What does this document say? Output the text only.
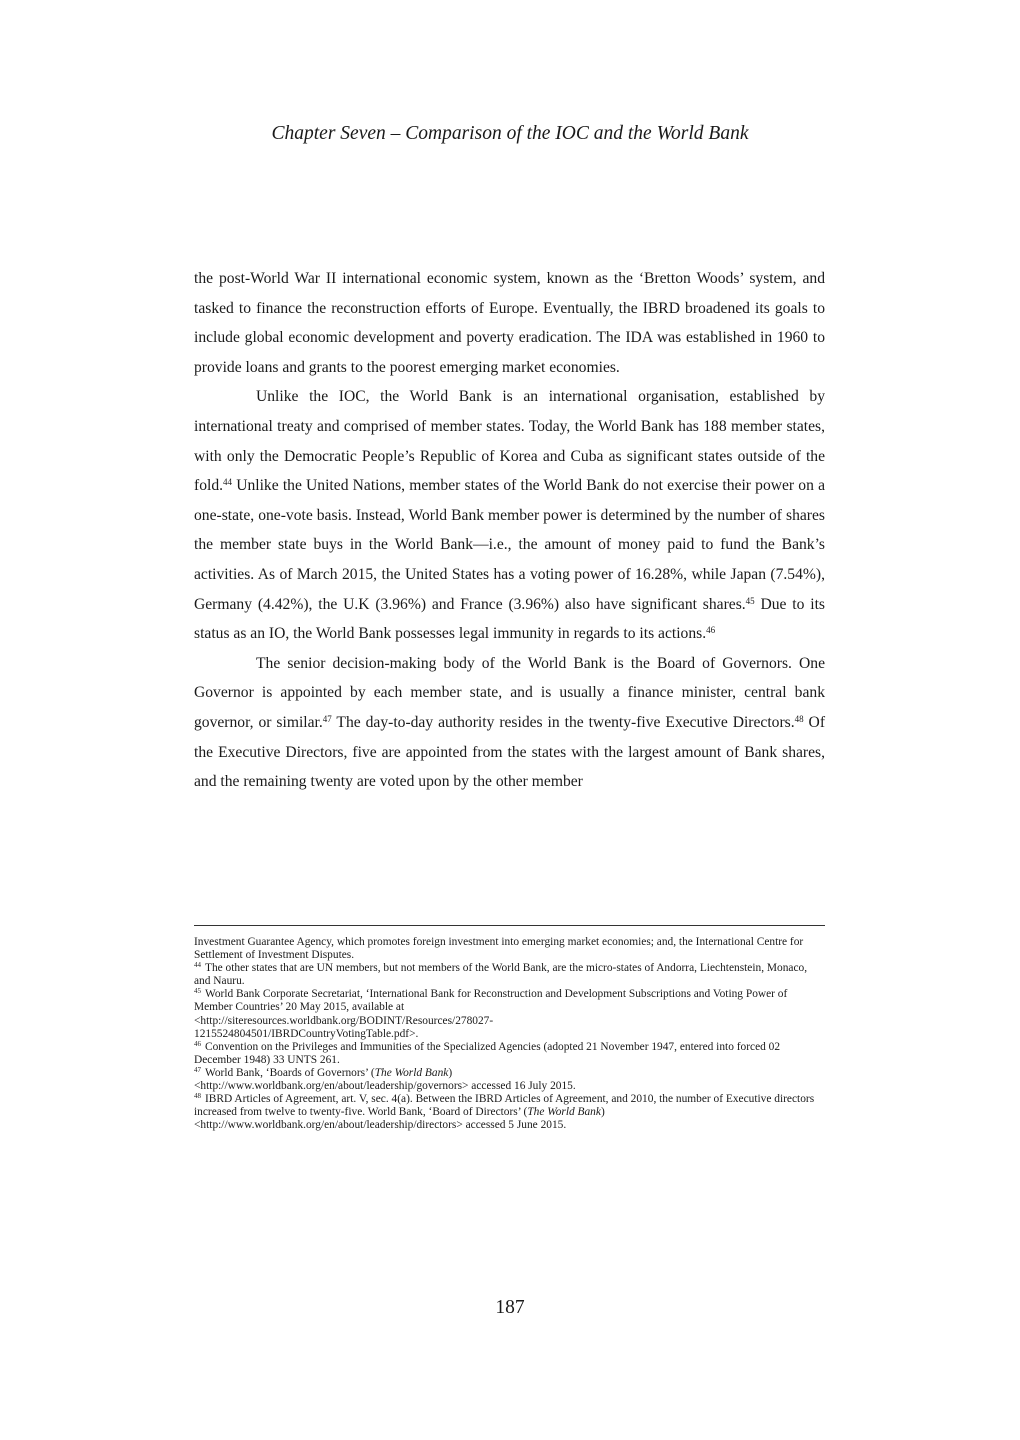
Chapter Seven – Comparison of the IOC and the World Bank

the post-World War II international economic system, known as the ‘Bretton Woods’ system, and tasked to finance the reconstruction efforts of Europe. Eventually, the IBRD broadened its goals to include global economic development and poverty eradication. The IDA was established in 1960 to provide loans and grants to the poorest emerging market economies.

Unlike the IOC, the World Bank is an international organisation, established by international treaty and comprised of member states. Today, the World Bank has 188 member states, with only the Democratic People’s Republic of Korea and Cuba as significant states outside of the fold.$^{44}$ Unlike the United Nations, member states of the World Bank do not exercise their power on a one-state, one-vote basis. Instead, World Bank member power is determined by the number of shares the member state buys in the World Bank—i.e., the amount of money paid to fund the Bank’s activities. As of March 2015, the United States has a voting power of 16.28%, while Japan (7.54%), Germany (4.42%), the U.K (3.96%) and France (3.96%) also have significant shares.$^{45}$ Due to its status as an IO, the World Bank possesses legal immunity in regards to its actions.$^{46}$

The senior decision-making body of the World Bank is the Board of Governors. One Governor is appointed by each member state, and is usually a finance minister, central bank governor, or similar.$^{47}$ The day-to-day authority resides in the twenty-five Executive Directors.$^{48}$ Of the Executive Directors, five are appointed from the states with the largest amount of Bank shares, and the remaining twenty are voted upon by the other member

Investment Guarantee Agency, which promotes foreign investment into emerging market economies; and, the International Centre for Settlement of Investment Disputes.

$^{44}$ The other states that are UN members, but not members of the World Bank, are the micro-states of Andorra, Liechtenstein, Monaco, and Nauru.

$^{45}$ World Bank Corporate Secretariat, ‘International Bank for Reconstruction and Development Subscriptions and Voting Power of Member Countries’ 20 May 2015, available at
<http://siteresources.worldbank.org/BODINT/Resources/278027-
1215524804501/IBRDCountryVotingTable.pdf>.

$^{46}$ Convention on the Privileges and Immunities of the Specialized Agencies (adopted 21 November 1947, entered into forced 02 December 1948) 33 UNTS 261.

$^{47}$ World Bank, ‘Boards of Governors’ (The World Bank)
<http://www.worldbank.org/en/about/leadership/governors> accessed 16 July 2015.

$^{48}$ IBRD Articles of Agreement, art. V, sec. 4(a). Between the IBRD Articles of Agreement, and 2010, the number of Executive directors increased from twelve to twenty-five. World Bank, ‘Board of Directors’ (The World Bank)
<http://www.worldbank.org/en/about/leadership/directors> accessed 5 June 2015.

187
